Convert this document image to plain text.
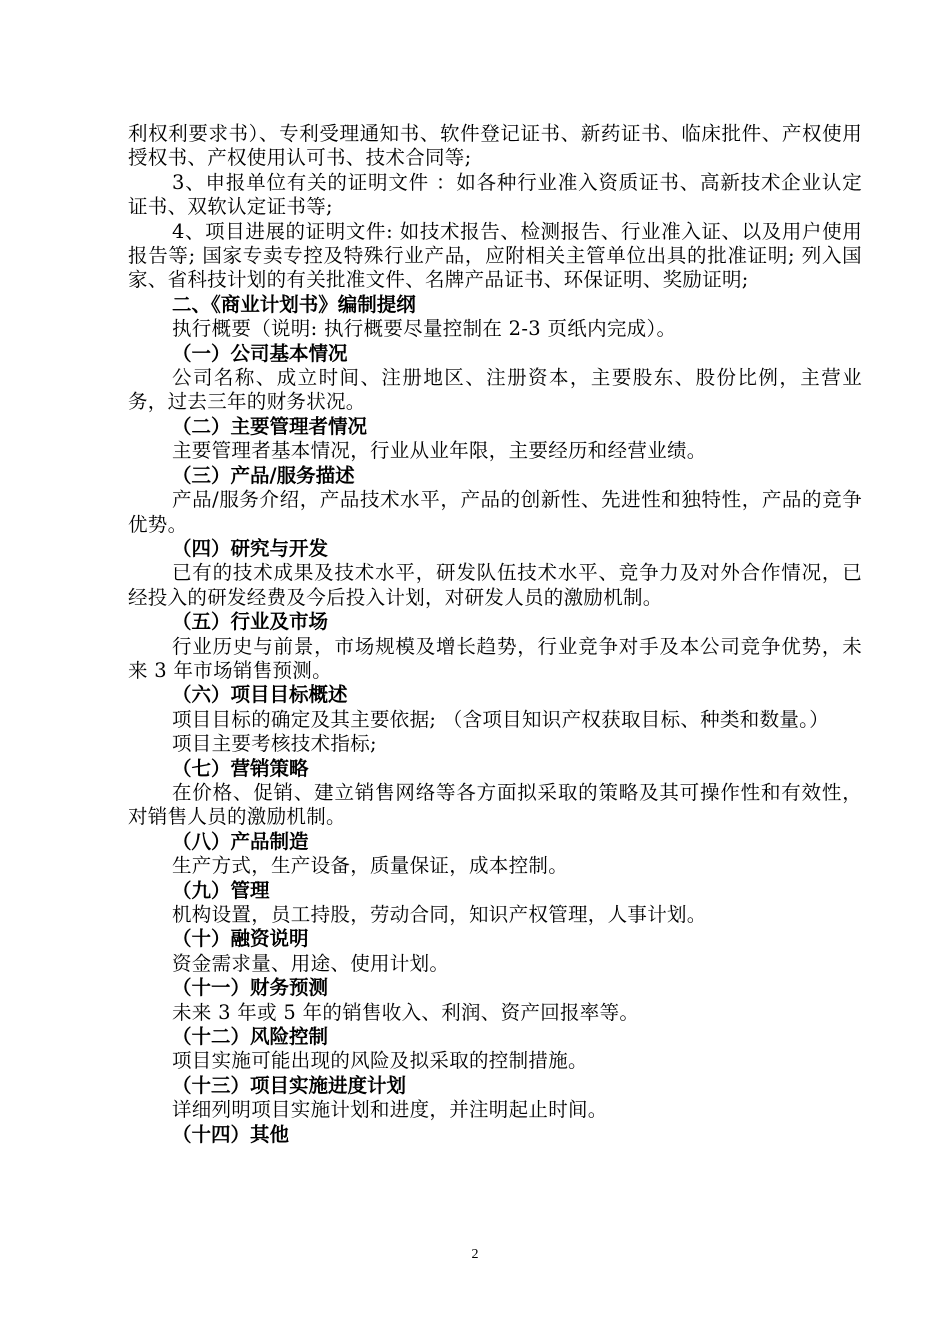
利权利要求书）、专利受理通知书、软件登记证书、新药证书、临床批件、产权使用授权书、产权使用认可书、技术合同等;

3、申报单位有关的证明文件 ：如各种行业准入资质证书、高新技术企业认定证书、双软认定证书等;

4、项目进展的证明文件: 如技术报告、检测报告、行业准入证、以及用户使用报告等; 国家专卖专控及特殊行业产品，应附相关主管单位出具的批准证明; 列入国家、省科技计划的有关批准文件、名牌产品证书、环保证明、奖励证明;

二、《商业计划书》编制提纲

执行概要（说明: 执行概要尽量控制在 2-3 页纸内完成）。

（一）公司基本情况

公司名称、成立时间、注册地区、注册资本，主要股东、股份比例，主营业务，过去三年的财务状况。

（二）主要管理者情况

主要管理者基本情况，行业从业年限，主要经历和经营业绩。

（三）产品/服务描述

产品/服务介绍，产品技术水平，产品的创新性、先进性和独特性，产品的竞争优势。

（四）研究与开发

已有的技术成果及技术水平，研发队伍技术水平、竞争力及对外合作情况，已经投入的研发经费及今后投入计划，对研发人员的激励机制。

（五）行业及市场

行业历史与前景，市场规模及增长趋势，行业竞争对手及本公司竞争优势，未来 3 年市场销售预测。

（六）项目目标概述

项目目标的确定及其主要依据; （含项目知识产权获取目标、种类和数量。）

项目主要考核技术指标;

（七）营销策略

在价格、促销、建立销售网络等各方面拟采取的策略及其可操作性和有效性，对销售人员的激励机制。

（八）产品制造

生产方式，生产设备，质量保证，成本控制。

（九）管理

机构设置，员工持股，劳动合同，知识产权管理，人事计划。

（十）融资说明

资金需求量、用途、使用计划。

（十一）财务预测

未来 3 年或 5 年的销售收入、利润、资产回报率等。

（十二）风险控制

项目实施可能出现的风险及拟采取的控制措施。

（十三）项目实施进度计划

详细列明项目实施计划和进度，并注明起止时间。

（十四）其他

2
